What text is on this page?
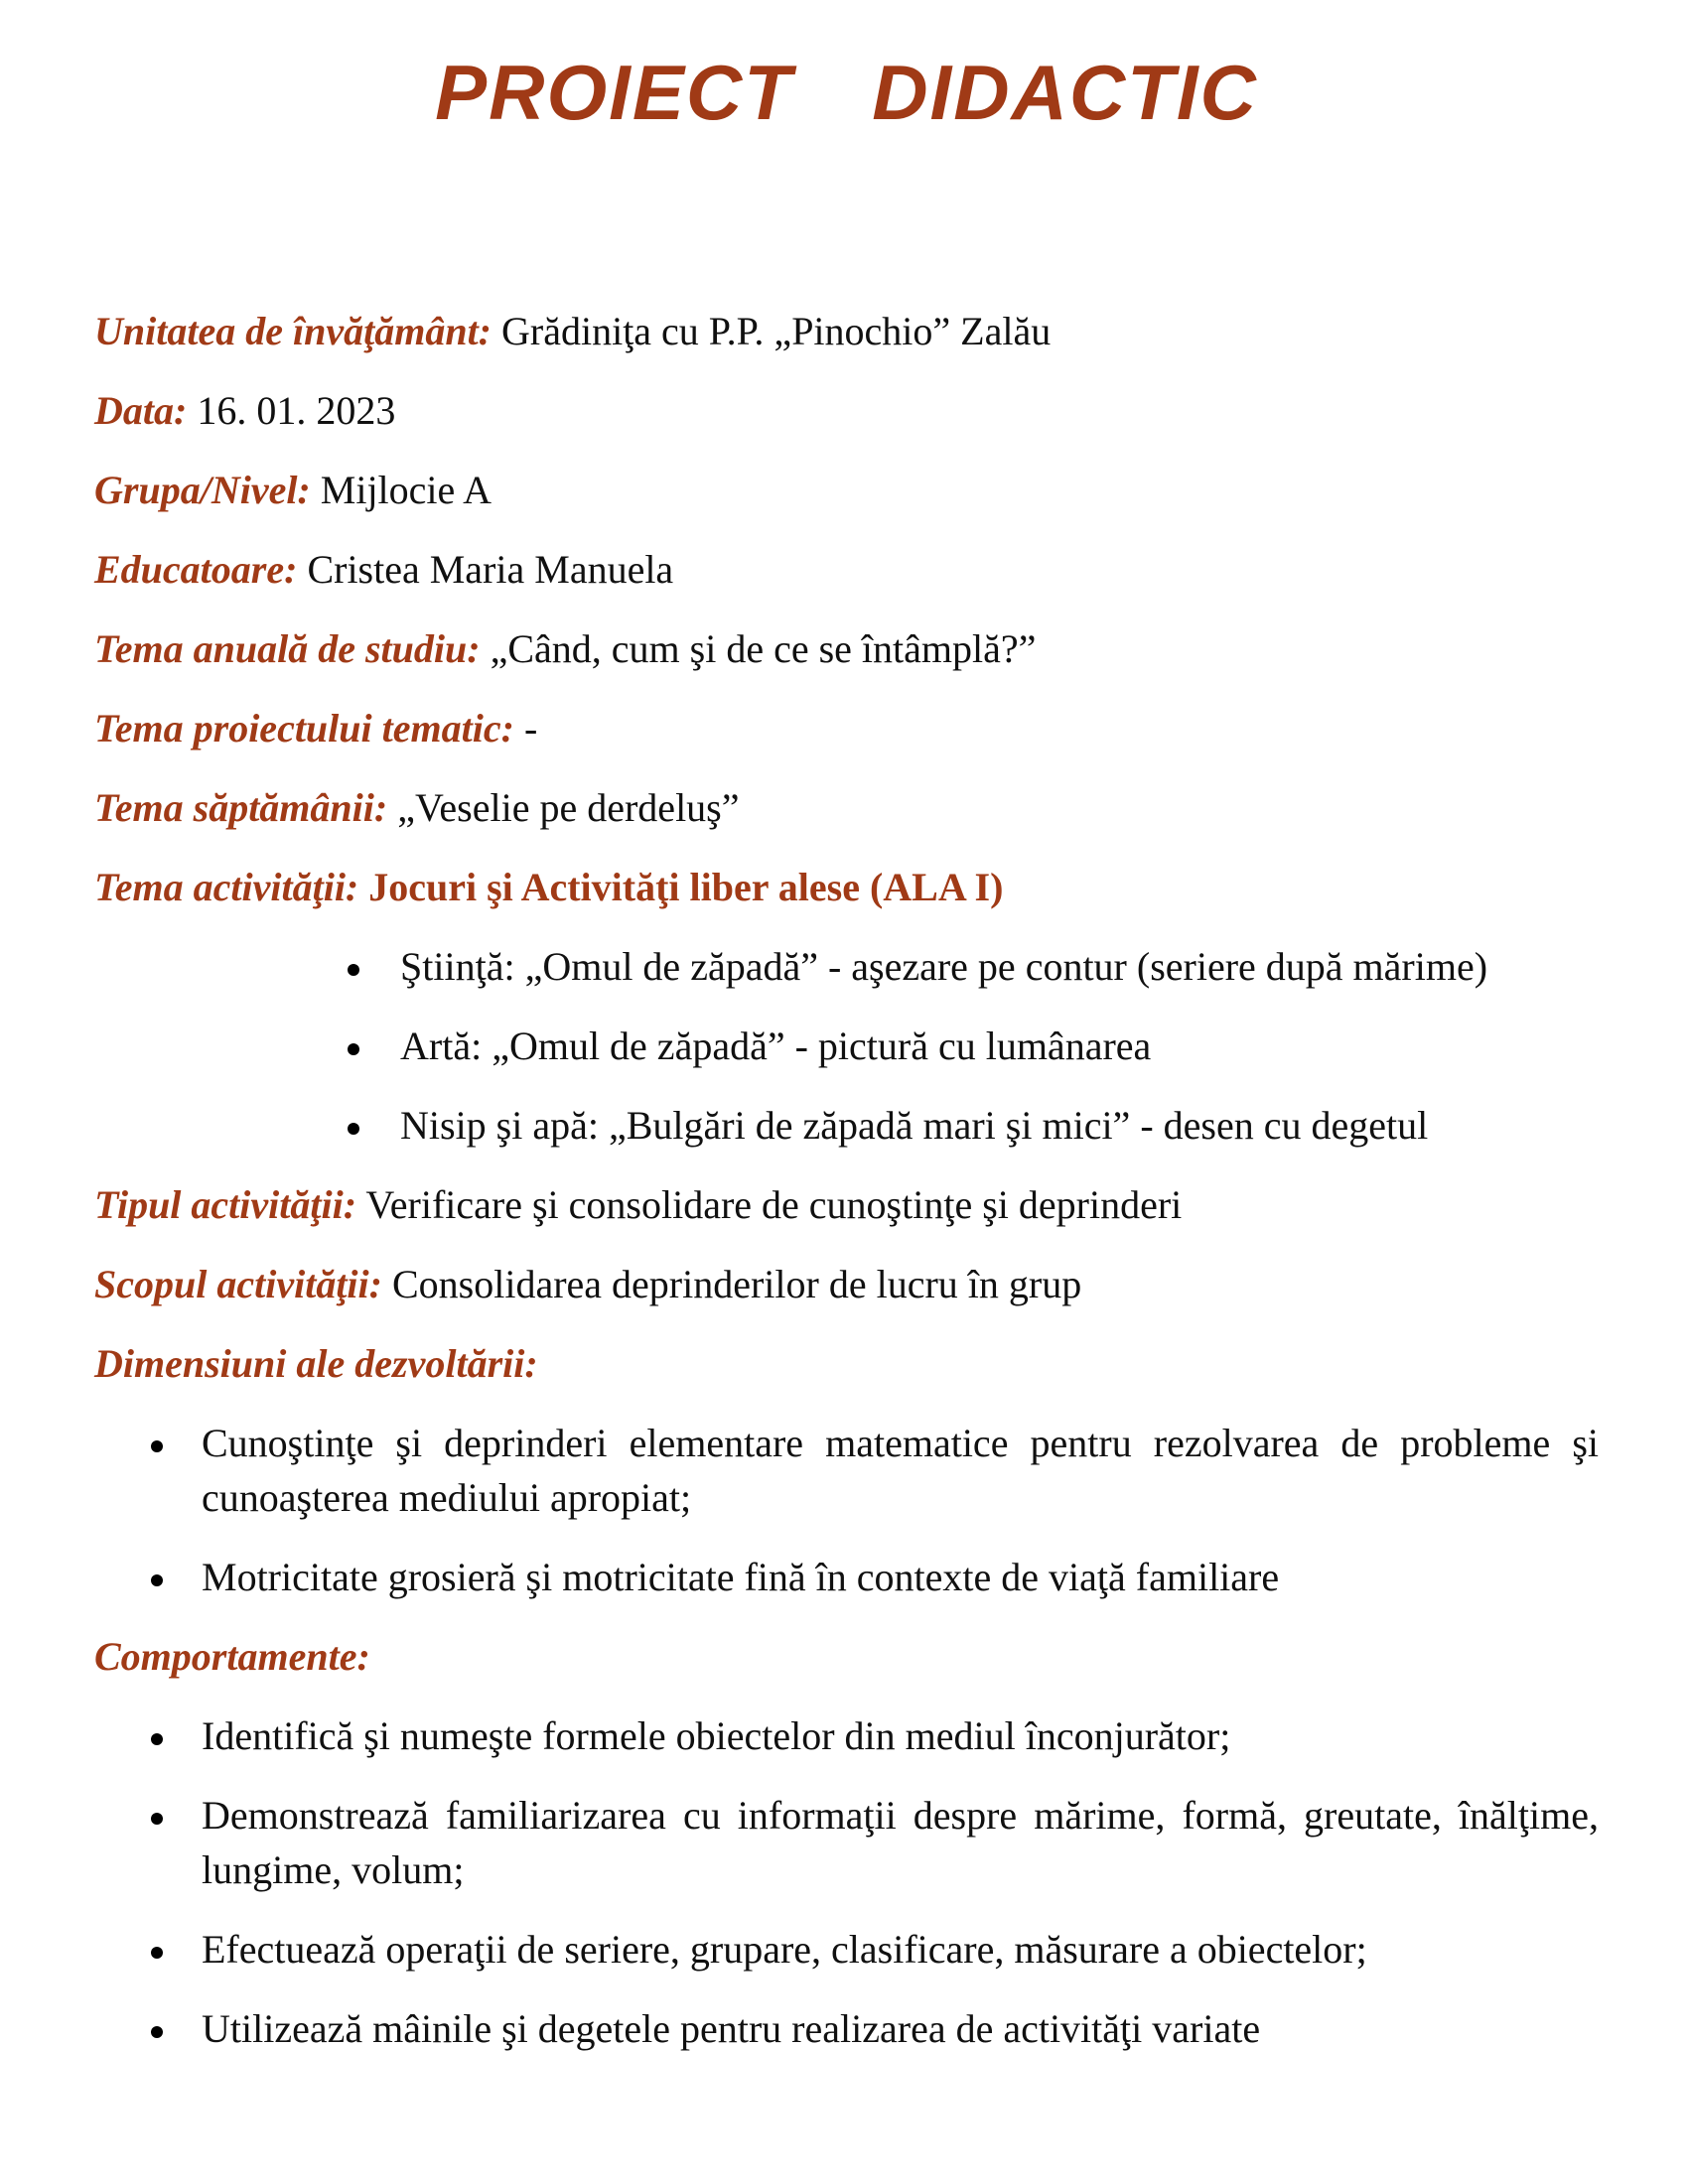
PROIECT  DIDACTIC

Unitatea de învăţământ: Grădiniţa cu P.P. „Pinochio” Zalău

Data: 16. 01. 2023

Grupa/Nivel: Mijlocie A

Educatoare: Cristea Maria Manuela

Tema anuală de studiu: „Când, cum şi de ce se întâmplă?”

Tema proiectului tematic: -

Tema săptămânii: „Veselie pe derdeluş”

Tema activităţii: Jocuri şi Activităţi liber alese (ALA I)

Ştiinţă: „Omul de zăpadă” - aşezare pe contur (seriere după mărime)
Artă: „Omul de zăpadă” - pictură cu lumânarea
Nisip şi apă: „Bulgări de zăpadă mari şi mici” - desen cu degetul

Tipul activităţii: Verificare şi consolidare de cunoştinţe şi deprinderi

Scopul activităţii: Consolidarea deprinderilor de lucru în grup

Dimensiuni ale dezvoltării:

Cunoştinţe şi deprinderi elementare matematice pentru rezolvarea de probleme şi cunoaşterea mediului apropiat;
Motricitate grosieră şi motricitate fină în contexte de viaţă familiare

Comportamente:

Identifică şi numeşte formele obiectelor din mediul înconjurător;
Demonstrează familiarizarea cu informaţii despre mărime, formă, greutate, înălţime, lungime, volum;
Efectuează operaţii de seriere, grupare, clasificare, măsurare a obiectelor;
Utilizează mâinile şi degetele pentru realizarea de activităţi variate
